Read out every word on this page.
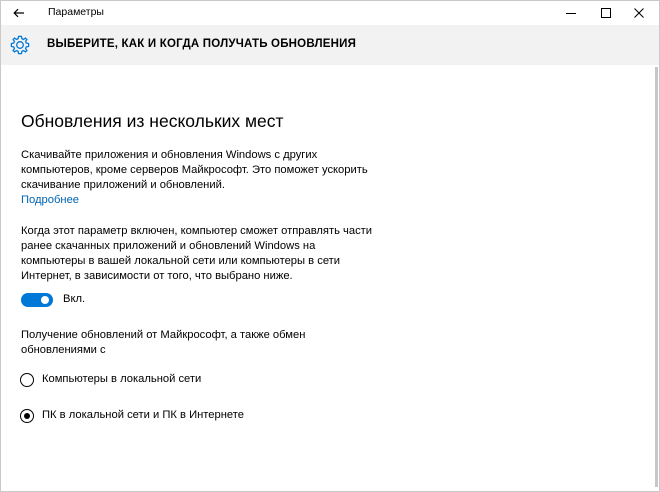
Параметры
ВЫБЕРИТЕ, КАК И КОГДА ПОЛУЧАТЬ ОБНОВЛЕНИЯ
Обновления из нескольких мест
Скачивайте приложения и обновления Windows с других компьютеров, кроме серверов Майкрософт. Это поможет ускорить скачивание приложений и обновлений.
Подробнее
Когда этот параметр включен, компьютер сможет отправлять части ранее скачанных приложений и обновлений Windows на компьютеры в вашей локальной сети или компьютеры в сети Интернет, в зависимости от того, что выбрано ниже.
Вкл.
Получение обновлений от Майкрософт, а также обмен обновлениями с
Компьютеры в локальной сети
ПК в локальной сети и ПК в Интернете
